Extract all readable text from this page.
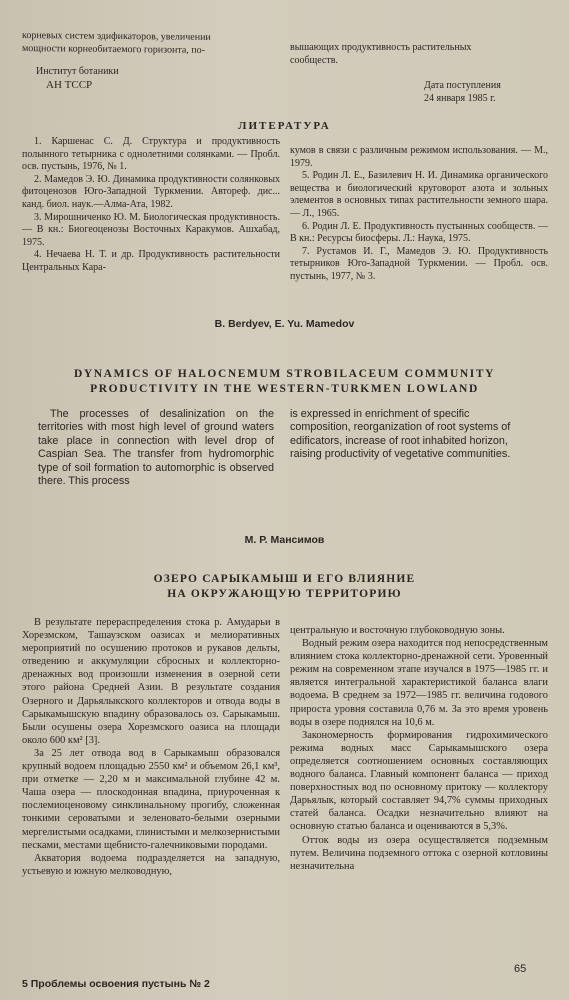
корневых систем эдификаторов, увеличении
мощности корнеобитаемого горизонта, по-	вышающих продуктивность растительных
сообществ.
Институт ботаники
АН ТССР	Дата поступления
24 января 1985 г.
ЛИТЕРАТУРА
1. Каршенас С. Д. Структура и продуктивность полынного тетырника с однолетними солянками. — Пробл. осв. пустынь, 1976, № 1.
2. Мамедов Э. Ю. Динамика продуктивности солянковых фитоценозов Юго-Западной Туркмении. Автореф. дис... канд. биол. наук.—Алма-Ата, 1982.
3. Мирошниченко Ю. М. Биологическая продуктивность. — В кн.: Биогеоценозы Восточных Каракумов. Ашхабад, 1975.
4. Нечаева Н. Т. и др. Продуктивность растительности Центральных Кара-
кумов в связи с различным режимом использования. — М., 1979.
5. Родин Л. Е., Базилевич Н. И. Динамика органического вещества и биологический круговорот азота и зольных элементов в основных типах растительности земного шара. — Л., 1965.
6. Родин Л. Е. Продуктивность пустынных сообществ. — В кн.: Ресурсы биосферы. Л.: Наука, 1975.
7. Рустамов И. Г., Мамедов Э. Ю. Продуктивность тетырников Юго-Западной Туркмении. — Пробл. осв. пустынь, 1977, № 3.
B. Berdyev, E. Yu. Mamedov
DYNAMICS OF HALOCNEMUM STROBILACEUM COMMUNITY
PRODUCTIVITY IN THE WESTERN-TURKMEN LOWLAND

The processes of desalinization on the territories with most high level of ground waters take place in connection with level drop of Caspian Sea. The transfer from hydromorphic type of soil formation to automorphic is observed there. This process

is expressed in enrichment of specific composition, reorganization of root systems of edificators, increase of root inhabited horizon, raising productivity of vegetative communities.
М. Р. Мансимов
ОЗЕРО САРЫКАМЫШ И ЕГО ВЛИЯНИЕ
НА ОКРУЖАЮЩУЮ ТЕРРИТОРИЮ

В результате перераспределения стока р. Амударьи в Хорезмском, Ташаузском оазисах и мелиоративных мероприятий по осушению протоков и рукавов дельты, отведению и аккумуляции сбросных и коллекторно-дренажных вод произошли изменения в озерной сети этого района Средней Азии. В результате создания Озерного и Дарьялыкского коллекторов и отвода воды в Сарыкамышскую впадину образовалось оз. Сарыкамыш. Были осушены озера Хорезмского оазиса на площади около 600 км² [3].

За 25 лет отвода вод в Сарыкамыш образовался крупный водоем площадью 2550 км² и объемом 26,1 км³, при отметке — 2,20 м и максимальной глубине 42 м. Чаша озера — плоскодонная впадина, приуроченная к послемиоценовому синклинальному прогибу, сложенная тонкими сероватыми и зеленовато-белыми озерными мергелистыми осадками, глинистыми и мелкозернистыми песками, местами щебнисто-галечниковыми породами.

Акватория водоема подразделяется на западную, устьевую и южную мелководную,

центральную и восточную глубоководную зоны.

Водный режим озера находится под непосредственным влиянием стока коллекторно-дренажной сети. Уровенный режим на современном этапе изучался в 1975—1985 гг. и является интегральной характеристикой баланса влаги водоема. В среднем за 1972—1985 гг. величина годового прироста уровня составила 0,76 м. За это время уровень воды в озере поднялся на 10,6 м.

Закономерность формирования гидрохимического режима водных масс Сарыкамышского озера определяется соотношением основных составляющих водного баланса. Главный компонент баланса — приход поверхностных вод по основному притоку — коллектору Дарьялык, который составляет 94,7% суммы приходных статей баланса. Осадки незначительно влияют на основную статью баланса и оцениваются в 5,3%.

Отток воды из озера осуществляется подземным путем. Величина подземного оттока с озерной котловины незначительна

5 Проблемы освоения пустынь № 2
65
